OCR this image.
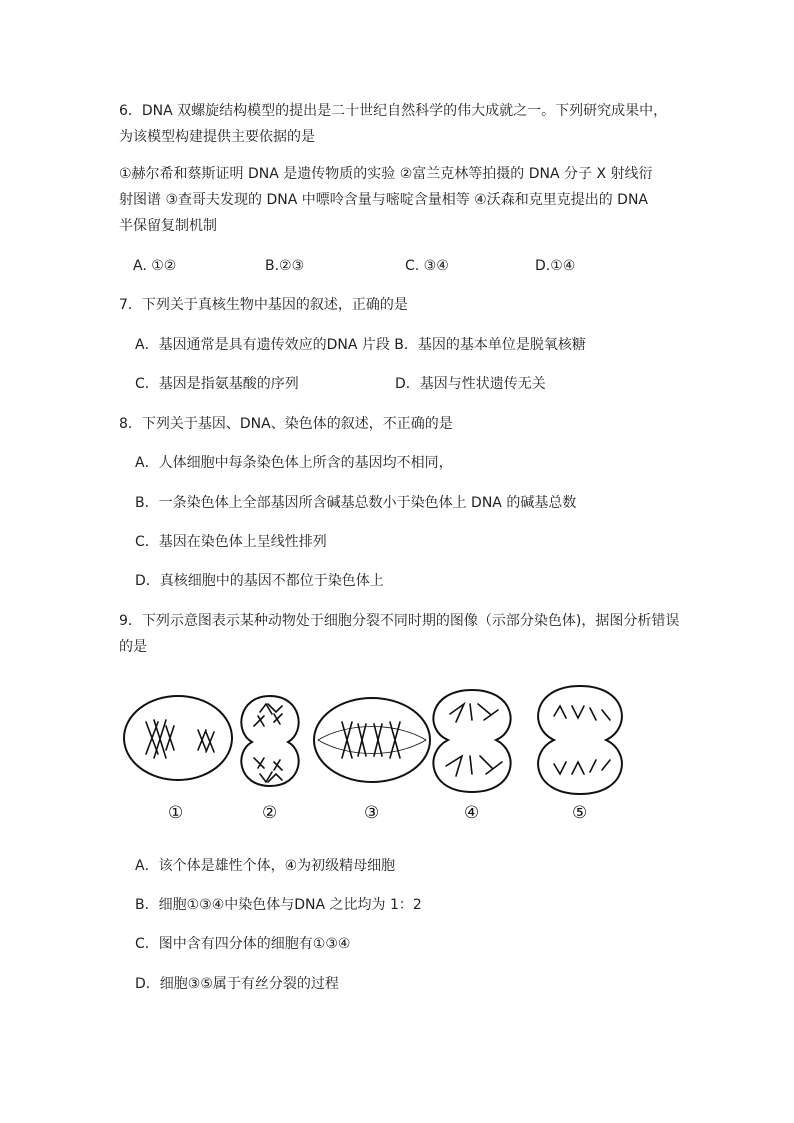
6．DNA 双螺旋结构模型的提出是二十世纪自然科学的伟大成就之一。下列研究成果中，
为该模型构建提供主要依据的是
①赫尔希和蔡斯证明 DNA 是遗传物质的实验 ②富兰克林等拍摄的 DNA 分子 X 射线衍
射图谱 ③查哥夫发现的 DNA 中嘌呤含量与嘧啶含量相等 ④沃森和克里克提出的 DNA
半保留复制机制
A. ①②	B.②③	C. ③④	D.①④
7．下列关于真核生物中基因的叙述，正确的是
A．基因通常是具有遗传效应的DNA 片段 B．基因的基本单位是脱氧核糖
C．基因是指氨基酸的序列	D．基因与性状遗传无关
8．下列关于基因、DNA、染色体的叙述，不正确的是
A．人体细胞中每条染色体上所含的基因均不相同，
B．一条染色体上全部基因所含碱基总数小于染色体上 DNA 的碱基总数
C．基因在染色体上呈线性排列
D．真核细胞中的基因不都位于染色体上
9．下列示意图表示某种动物处于细胞分裂不同时期的图像（示部分染色体)，据图分析错误
的是
①	②	③	④	⑤
A．该个体是雄性个体，④为初级精母细胞
B．细胞①③④中染色体与DNA 之比均为 1：2
C．图中含有四分体的细胞有①③④
D．细胞③⑤属于有丝分裂的过程
